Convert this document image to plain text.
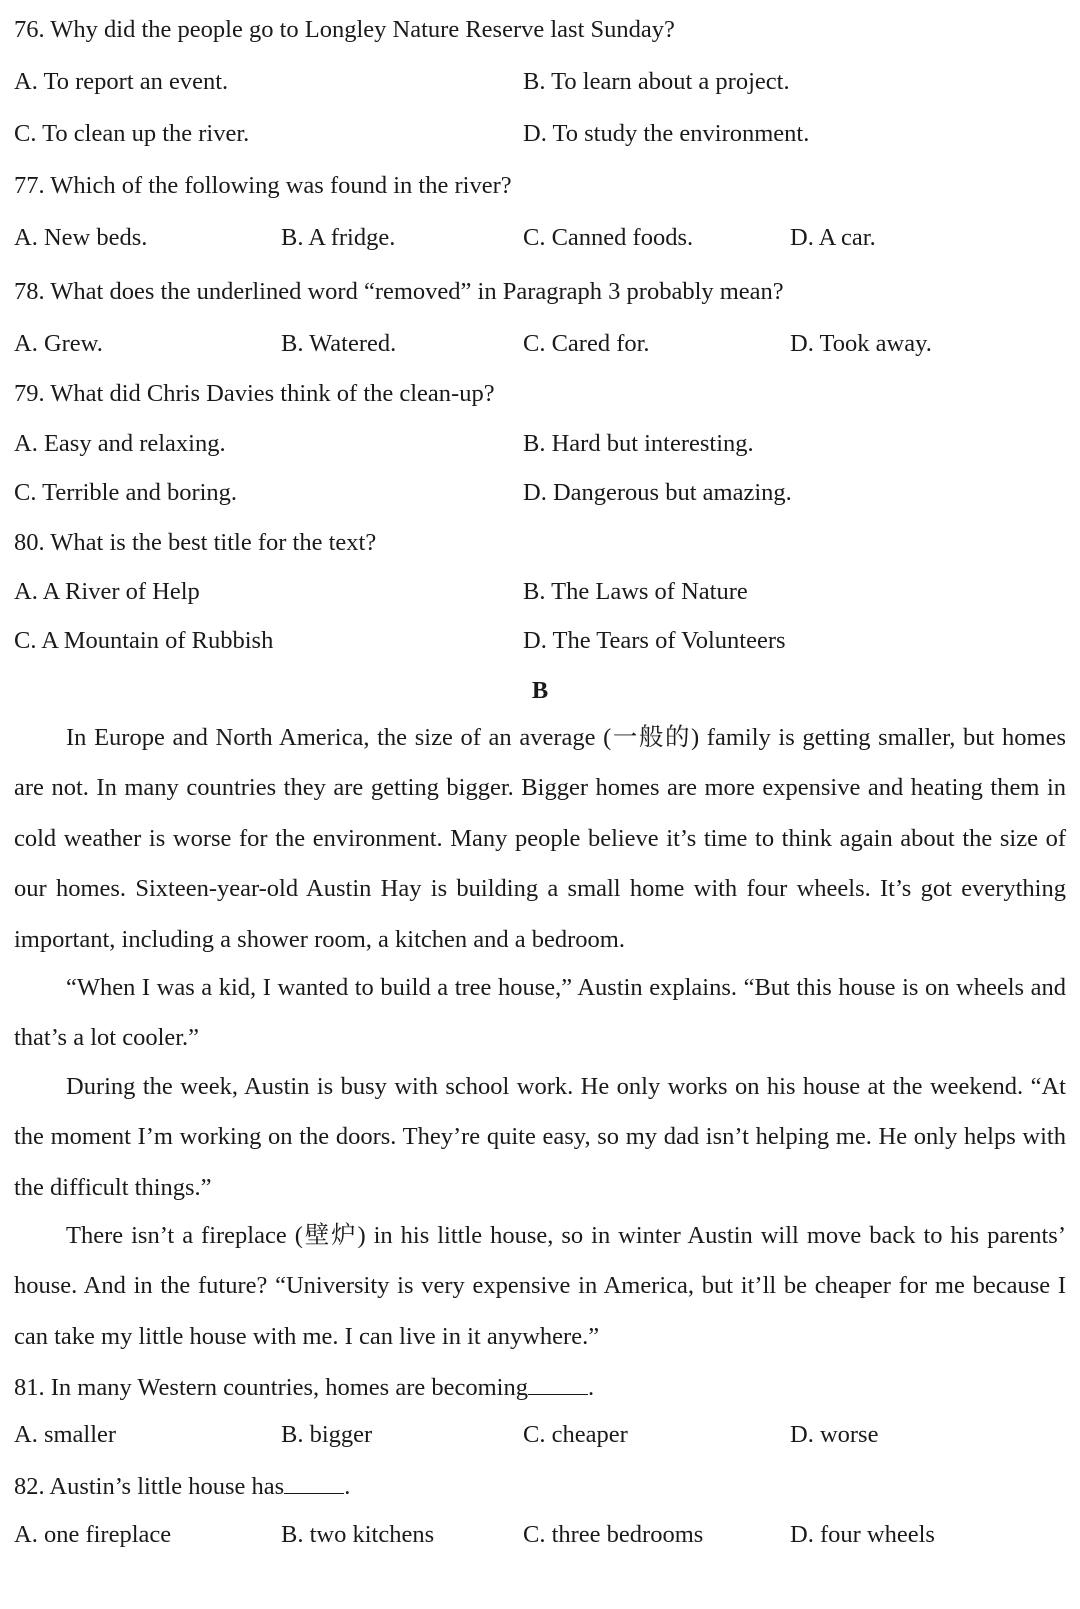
76. Why did the people go to Longley Nature Reserve last Sunday?
A. To report an event.	B. To learn about a project.
C. To clean up the river.	D. To study the environment.
77. Which of the following was found in the river?
A. New beds.	B. A fridge.	C. Canned foods.	D. A car.
78. What does the underlined word “removed” in Paragraph 3 probably mean?
A. Grew.	B. Watered.	C. Cared for.	D. Took away.
79. What did Chris Davies think of the clean-up?
A. Easy and relaxing.	B. Hard but interesting.
C. Terrible and boring.	D. Dangerous but amazing.
80. What is the best title for the text?
A. A River of Help	B. The Laws of Nature
C. A Mountain of Rubbish	D. The Tears of Volunteers
B

In Europe and North America, the size of an average (一般的) family is getting smaller, but homes are not. In many countries they are getting bigger. Bigger homes are more expensive and heating them in cold weather is worse for the environment. Many people believe it’s time to think again about the size of our homes. Sixteen-year-old Austin Hay is building a small home with four wheels. It’s got everything important, including a shower room, a kitchen and a bedroom.

“When I was a kid, I wanted to build a tree house,” Austin explains. “But this house is on wheels and that’s a lot cooler.”

During the week, Austin is busy with school work. He only works on his house at the weekend. “At the moment I’m working on the doors. They’re quite easy, so my dad isn’t helping me. He only helps with the difficult things.”

There isn’t a fireplace (壁炉) in his little house, so in winter Austin will move back to his parents’ house. And in the future? “University is very expensive in America, but it’ll be cheaper for me because I can take my little house with me. I can live in it anywhere.”

81. In many Western countries, homes are becoming .
A. smaller	B. bigger	C. cheaper	D. worse
82. Austin’s little house has .
A. one fireplace	B. two kitchens	C. three bedrooms	D. four wheels
